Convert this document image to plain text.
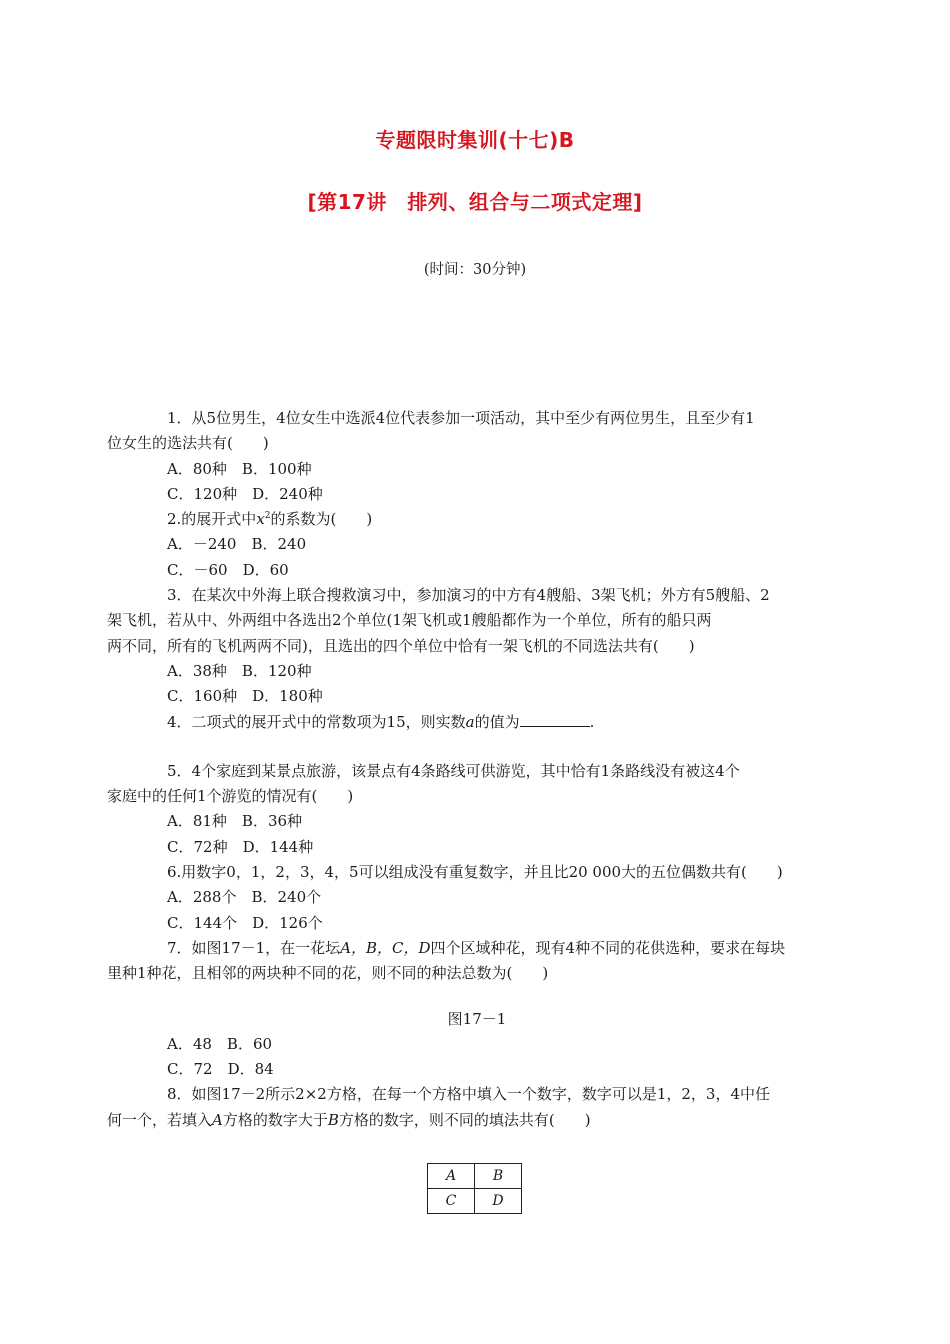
专题限时集训(十七)B
[第17讲　排列、组合与二项式定理]
(时间：30分钟)

1．从5位男生，4位女生中选派4位代表参加一项活动，其中至少有两位男生，且至少有1
位女生的选法共有(　　)

A．80种　B．100种

C．120种　D．240种

2.的展开式中$x^2$的系数为(　　)

A．－240　B．240

C．－60　D．60

3．在某次中外海上联合搜救演习中，参加演习的中方有4艘船、3架飞机；外方有5艘船、2
架飞机，若从中、外两组中各选出2个单位(1架飞机或1艘船都作为一个单位，所有的船只两
两不同，所有的飞机两两不同)，且选出的四个单位中恰有一架飞机的不同选法共有(　　)

A．38种　B．120种

C．160种　D．180种

4．二项式的展开式中的常数项为15，则实数a的值为	.

5．4个家庭到某景点旅游，该景点有4条路线可供游览，其中恰有1条路线没有被这4个
家庭中的任何1个游览的情况有(　　)

A．81种　B．36种

C．72种　D．144种

6.用数字0，1，2，3，4，5可以组成没有重复数字，并且比20 000大的五位偶数共有(　　)

A．288个　B．240个

C．144个　D．126个

7．如图17－1，在一花坛A，B，C，D四个区域种花，现有4种不同的花供选种，要求在每块
里种1种花，且相邻的两块种不同的花，则不同的种法总数为(　　)

图17－1

A．48　B．60

C．72　D．84

8．如图17－2所示2×2方格，在每一个方格中填入一个数字，数字可以是1，2，3，4中任
何一个，若填入A方格的数字大于B方格的数字，则不同的填法共有(　　)

A	B
C	D
